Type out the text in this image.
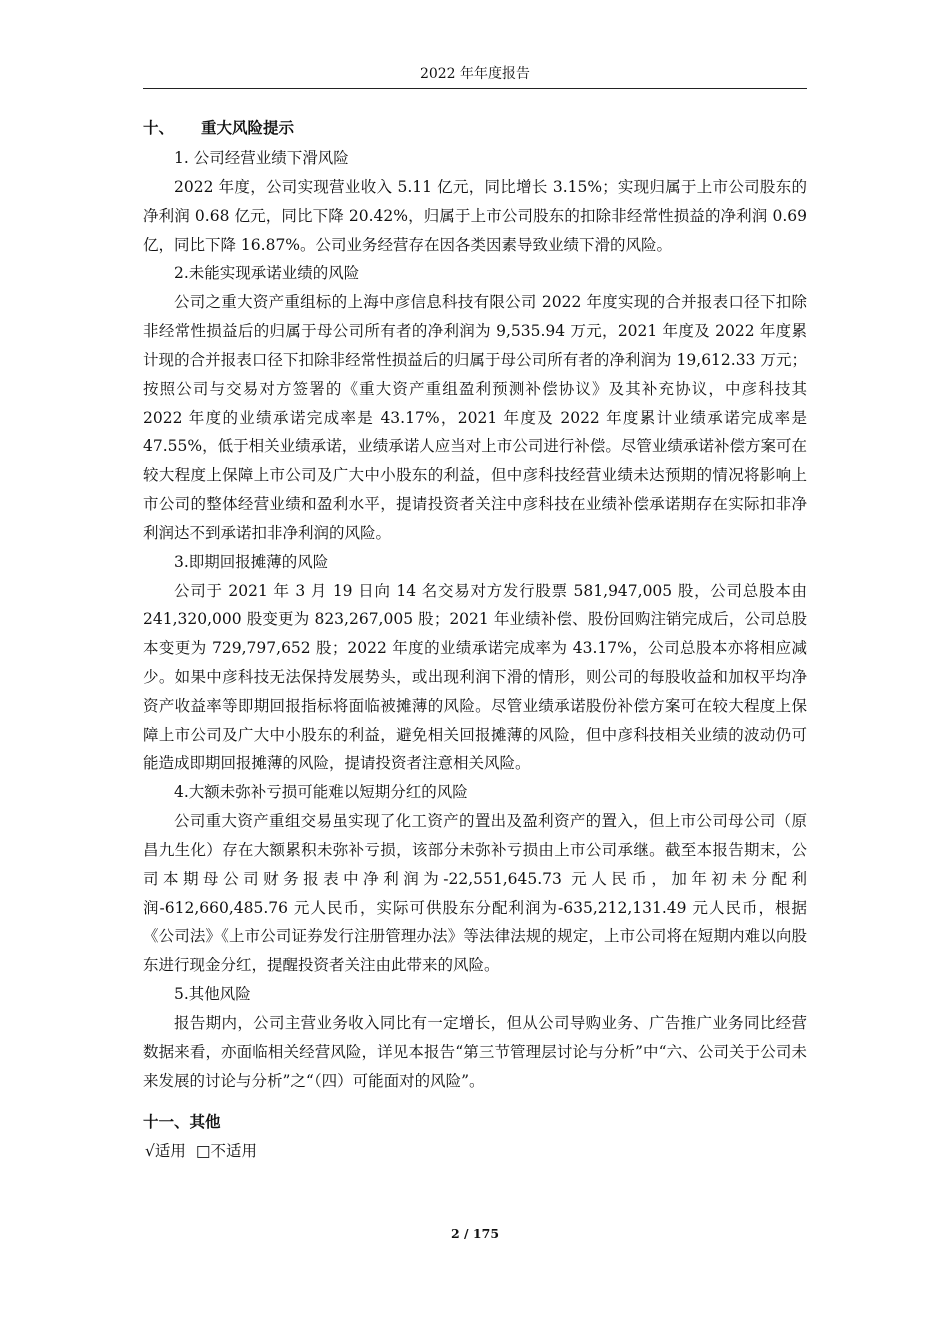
2022 年年度报告
十、 重大风险提示
1. 公司经营业绩下滑风险
2022 年度，公司实现营业收入 5.11 亿元，同比增长 3.15%；实现归属于上市公司股东的净利润 0.68 亿元，同比下降 20.42%，归属于上市公司股东的扣除非经常性损益的净利润 0.69 亿，同比下降 16.87%。公司业务经营存在因各类因素导致业绩下滑的风险。
2.未能实现承诺业绩的风险
公司之重大资产重组标的上海中彦信息科技有限公司 2022 年度实现的合并报表口径下扣除非经常性损益后的归属于母公司所有者的净利润为 9,535.94 万元，2021 年度及 2022 年度累计现的合并报表口径下扣除非经常性损益后的归属于母公司所有者的净利润为 19,612.33 万元；按照公司与交易对方签署的《重大资产重组盈利预测补偿协议》及其补充协议，中彦科技其 2022 年度的业绩承诺完成率是 43.17%，2021 年度及 2022 年度累计业绩承诺完成率是 47.55%，低于相关业绩承诺，业绩承诺人应当对上市公司进行补偿。尽管业绩承诺补偿方案可在较大程度上保障上市公司及广大中小股东的利益，但中彦科技经营业绩未达预期的情况将影响上市公司的整体经营业绩和盈利水平，提请投资者关注中彦科技在业绩补偿承诺期存在实际扣非净利润达不到承诺扣非净利润的风险。
3.即期回报摊薄的风险
公司于 2021 年 3 月 19 日向 14 名交易对方发行股票 581,947,005 股，公司总股本由 241,320,000 股变更为 823,267,005 股；2021 年业绩补偿、股份回购注销完成后，公司总股本变更为 729,797,652 股；2022 年度的业绩承诺完成率为 43.17%，公司总股本亦将相应减少。如果中彦科技无法保持发展势头，或出现利润下滑的情形，则公司的每股收益和加权平均净资产收益率等即期回报指标将面临被摊薄的风险。尽管业绩承诺股份补偿方案可在较大程度上保障上市公司及广大中小股东的利益，避免相关回报摊薄的风险，但中彦科技相关业绩的波动仍可能造成即期回报摊薄的风险，提请投资者注意相关风险。
4.大额未弥补亏损可能难以短期分红的风险
公司重大资产重组交易虽实现了化工资产的置出及盈利资产的置入，但上市公司母公司（原昌九生化）存在大额累积未弥补亏损，该部分未弥补亏损由上市公司承继。截至本报告期末，公司本期母公司财务报表中净利润为-22,551,645.73 元人民币，加年初未分配利润-612,660,485.76 元人民币，实际可供股东分配利润为-635,212,131.49 元人民币，根据《公司法》《上市公司证券发行注册管理办法》等法律法规的规定，上市公司将在短期内难以向股东进行现金分红，提醒投资者关注由此带来的风险。
5.其他风险
报告期内，公司主营业务收入同比有一定增长，但从公司导购业务、广告推广业务同比经营数据来看，亦面临相关经营风险，详见本报告“第三节管理层讨论与分析”中“六、公司关于公司未来发展的讨论与分析”之“（四）可能面对的风险”。
十一、其他
√适用 □不适用
2 / 175
